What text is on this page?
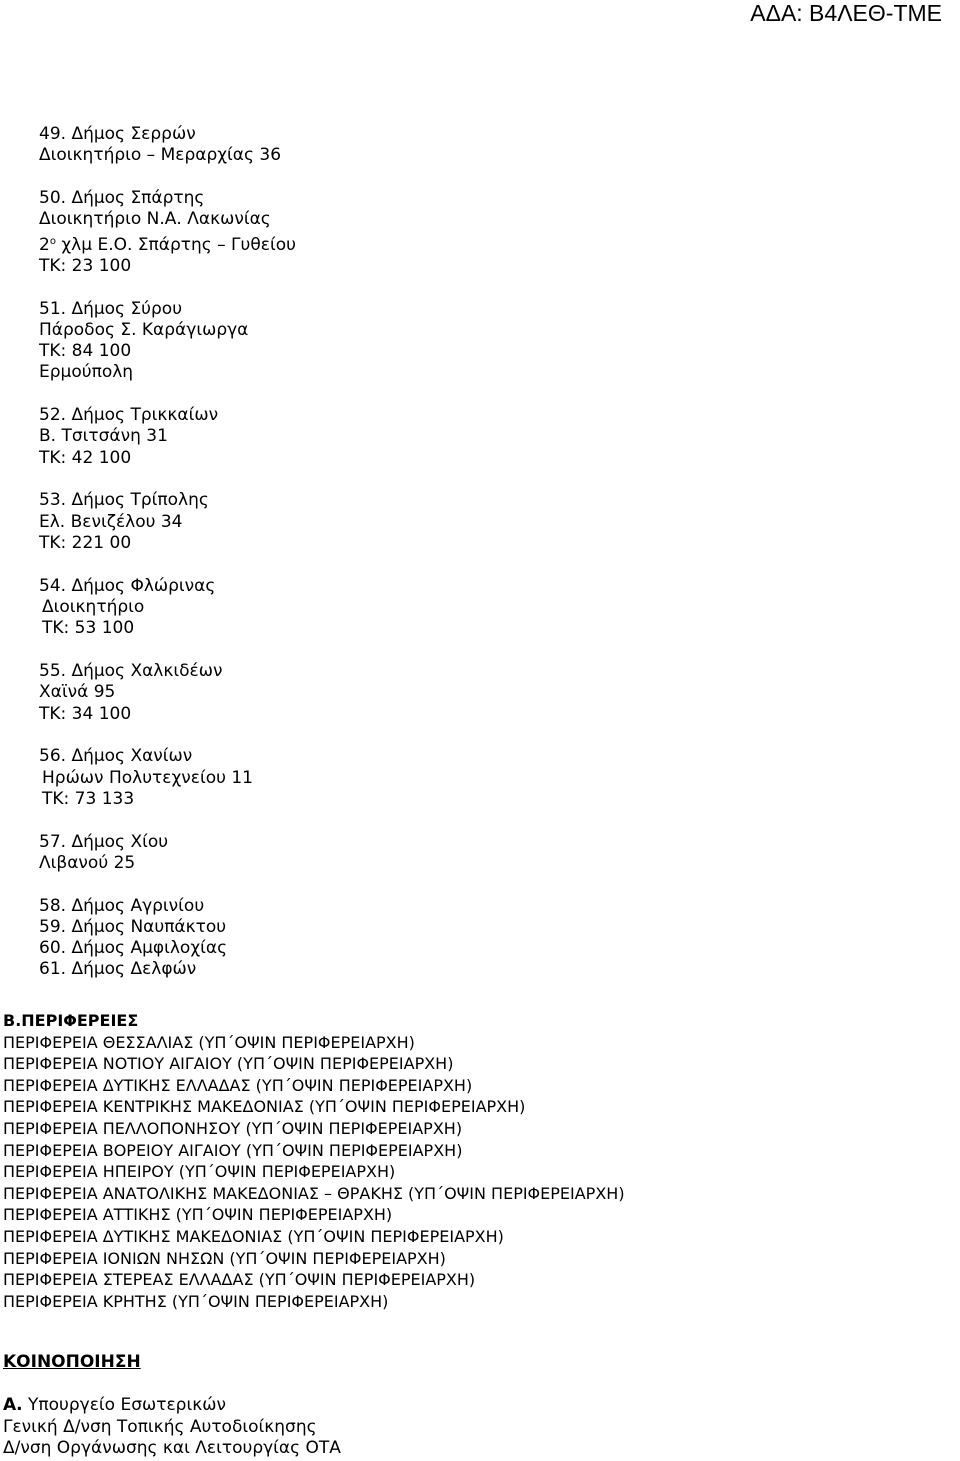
ΑΔΑ: Β4ΛΕΘ-ΤΜΕ
49. Δήμος Σερρών
Διοικητήριο – Μεραρχίας 36
50. Δήμος Σπάρτης
Διοικητήριο Ν.Α. Λακωνίας
$2^o$ χλμ Ε.Ο. Σπάρτης – Γυθείου
ΤΚ: 23 100
51. Δήμος Σύρου
Πάροδος Σ. Καράγιωργα
ΤΚ: 84 100
Ερμούπολη
52. Δήμος Τρικκαίων
Β. Τσιτσάνη 31
ΤΚ: 42 100
53. Δήμος Τρίπολης
Ελ. Βενιζέλου 34
ΤΚ: 221 00
54. Δήμος Φλώρινας
Διοικητήριο
ΤΚ: 53 100
55. Δήμος Χαλκιδέων
Χαϊνά 95
ΤΚ: 34 100
56. Δήμος Χανίων
Ηρώων Πολυτεχνείου 11
ΤΚ: 73 133
57. Δήμος Χίου
Λιβανού 25
58. Δήμος Αγρινίου
59. Δήμος Ναυπάκτου
60. Δήμος Αμφιλοχίας
61. Δήμος Δελφών
Β.ΠΕΡΙΦΕΡΕΙΕΣ
ΠΕΡΙΦΕΡΕΙΑ ΘΕΣΣΑΛΙΑΣ (ΥΠ΄ΟΨΙΝ ΠΕΡΙΦΕΡΕΙΑΡΧΗ)
ΠΕΡΙΦΕΡΕΙΑ ΝΟΤΙΟΥ ΑΙΓΑΙΟΥ (ΥΠ΄ΟΨΙΝ ΠΕΡΙΦΕΡΕΙΑΡΧΗ)
ΠΕΡΙΦΕΡΕΙΑ ΔΥΤΙΚΗΣ ΕΛΛΑΔΑΣ (ΥΠ΄ΟΨΙΝ ΠΕΡΙΦΕΡΕΙΑΡΧΗ)
ΠΕΡΙΦΕΡΕΙΑ ΚΕΝΤΡΙΚΗΣ ΜΑΚΕΔΟΝΙΑΣ (ΥΠ΄ΟΨΙΝ ΠΕΡΙΦΕΡΕΙΑΡΧΗ)
ΠΕΡΙΦΕΡΕΙΑ ΠΕΛΛΟΠΟΝΗΣΟΥ (ΥΠ΄ΟΨΙΝ ΠΕΡΙΦΕΡΕΙΑΡΧΗ)
ΠΕΡΙΦΕΡΕΙΑ ΒΟΡΕΙΟΥ ΑΙΓΑΙΟΥ (ΥΠ΄ΟΨΙΝ ΠΕΡΙΦΕΡΕΙΑΡΧΗ)
ΠΕΡΙΦΕΡΕΙΑ ΗΠΕΙΡΟΥ (ΥΠ΄ΟΨΙΝ ΠΕΡΙΦΕΡΕΙΑΡΧΗ)
ΠΕΡΙΦΕΡΕΙΑ ΑΝΑΤΟΛΙΚΗΣ ΜΑΚΕΔΟΝΙΑΣ – ΘΡΑΚΗΣ (ΥΠ΄ΟΨΙΝ ΠΕΡΙΦΕΡΕΙΑΡΧΗ)
ΠΕΡΙΦΕΡΕΙΑ ΑΤΤΙΚΗΣ (ΥΠ΄ΟΨΙΝ ΠΕΡΙΦΕΡΕΙΑΡΧΗ)
ΠΕΡΙΦΕΡΕΙΑ ΔΥΤΙΚΗΣ ΜΑΚΕΔΟΝΙΑΣ (ΥΠ΄ΟΨΙΝ ΠΕΡΙΦΕΡΕΙΑΡΧΗ)
ΠΕΡΙΦΕΡΕΙΑ ΙΟΝΙΩΝ ΝΗΣΩΝ (ΥΠ΄ΟΨΙΝ ΠΕΡΙΦΕΡΕΙΑΡΧΗ)
ΠΕΡΙΦΕΡΕΙΑ ΣΤΕΡΕΑΣ ΕΛΛΑΔΑΣ (ΥΠ΄ΟΨΙΝ ΠΕΡΙΦΕΡΕΙΑΡΧΗ)
ΠΕΡΙΦΕΡΕΙΑ ΚΡΗΤΗΣ (ΥΠ΄ΟΨΙΝ ΠΕΡΙΦΕΡΕΙΑΡΧΗ)
ΚΟΙΝΟΠΟΙΗΣΗ
Α. Υπουργείο Εσωτερικών
Γενική Δ/νση Τοπικής Αυτοδιοίκησης
Δ/νση Οργάνωσης και Λειτουργίας ΟΤΑ
